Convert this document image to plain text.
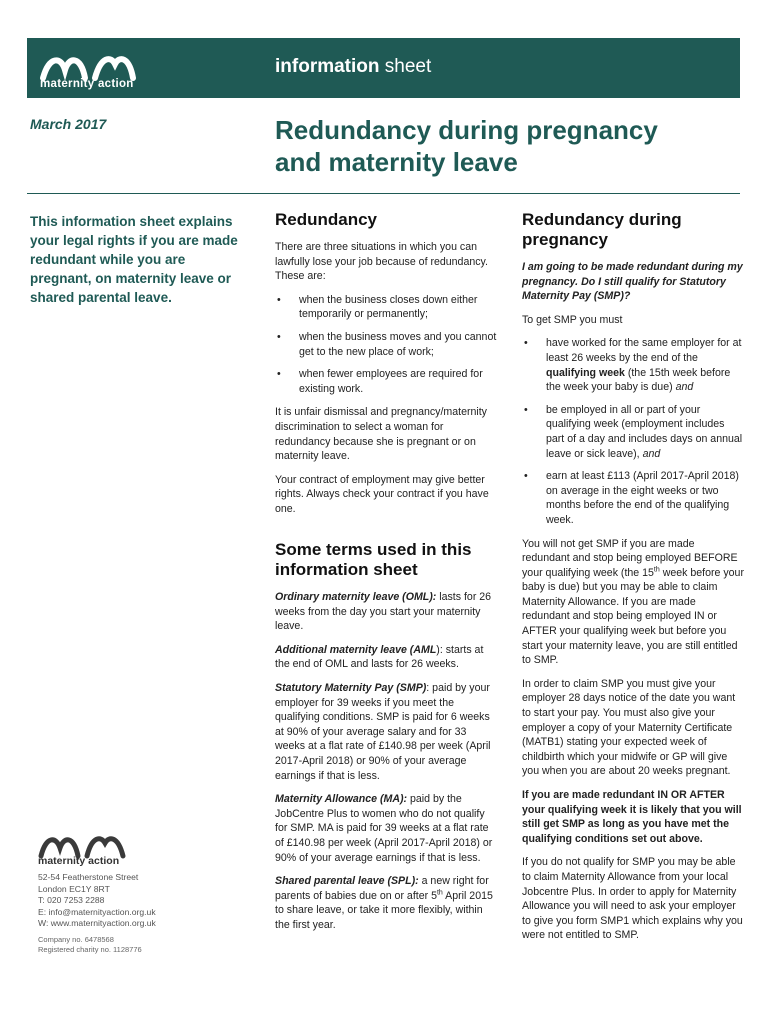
maternity action
information sheet
March 2017	Redundancy during pregnancy
and maternity leave
This information sheet explains your legal rights if you are made redundant while you are pregnant, on maternity leave or shared parental leave.
Redundancy

There are three situations in which you can lawfully lose your job because of redundancy. These are:

• when the business closes down either temporarily or permanently;
• when the business moves and you cannot get to the new place of work;
• when fewer employees are required for existing work.

It is unfair dismissal and pregnancy/maternity discrimination to select a woman for redundancy because she is pregnant or on maternity leave.

Your contract of employment may give better rights. Always check your contract if you have one.

Some terms used in this information sheet

Ordinary maternity leave (OML): lasts for 26 weeks from the day you start your maternity leave.

Additional maternity leave (AML): starts at the end of OML and lasts for 26 weeks.

Statutory Maternity Pay (SMP): paid by your employer for 39 weeks if you meet the qualifying conditions. SMP is paid for 6 weeks at 90% of your average salary and for 33 weeks at a flat rate of £140.98 per week (April 2017-April 2018) or 90% of your average earnings if that is less.

Maternity Allowance (MA): paid by the JobCentre Plus to women who do not qualify for SMP. MA is paid for 39 weeks at a flat rate of £140.98 per week (April 2017-April 2018) or 90% of your average earnings if that is less.

Shared parental leave (SPL): a new right for parents of babies due on or after 5th April 2015 to share leave, or take it more flexibly, within the first year.

Redundancy during pregnancy

I am going to be made redundant during my pregnancy. Do I still qualify for Statutory Maternity Pay (SMP)?

To get SMP you must

• have worked for the same employer for at least 26 weeks by the end of the qualifying week (the 15th week before the week your baby is due) and
• be employed in all or part of your qualifying week (employment includes part of a day and includes days on annual leave or sick leave), and
• earn at least £113 (April 2017-April 2018) on average in the eight weeks or two months before the end of the qualifying week.

You will not get SMP if you are made redundant and stop being employed BEFORE your qualifying week (the 15th week before your baby is due) but you may be able to claim Maternity Allowance. If you are made redundant and stop being employed IN or AFTER your qualifying week but before you start your maternity leave, you are still entitled to SMP.

In order to claim SMP you must give your employer 28 days notice of the date you want to start your pay. You must also give your employer a copy of your Maternity Certificate (MATB1) stating your expected week of childbirth which your midwife or GP will give you when you are about 20 weeks pregnant.

If you are made redundant IN OR AFTER your qualifying week it is likely that you will still get SMP as long as you have met the qualifying conditions set out above.

If you do not qualify for SMP you may be able to claim Maternity Allowance from your local Jobcentre Plus. In order to apply for Maternity Allowance you will need to ask your employer to give you form SMP1 which explains why you were not entitled to SMP.

maternity action
52-54 Featherstone Street
London EC1Y 8RT
T: 020 7253 2288
E: info@maternityaction.org.uk
W: www.maternityaction.org.uk
Company no. 6478568
Registered charity no. 1128776
